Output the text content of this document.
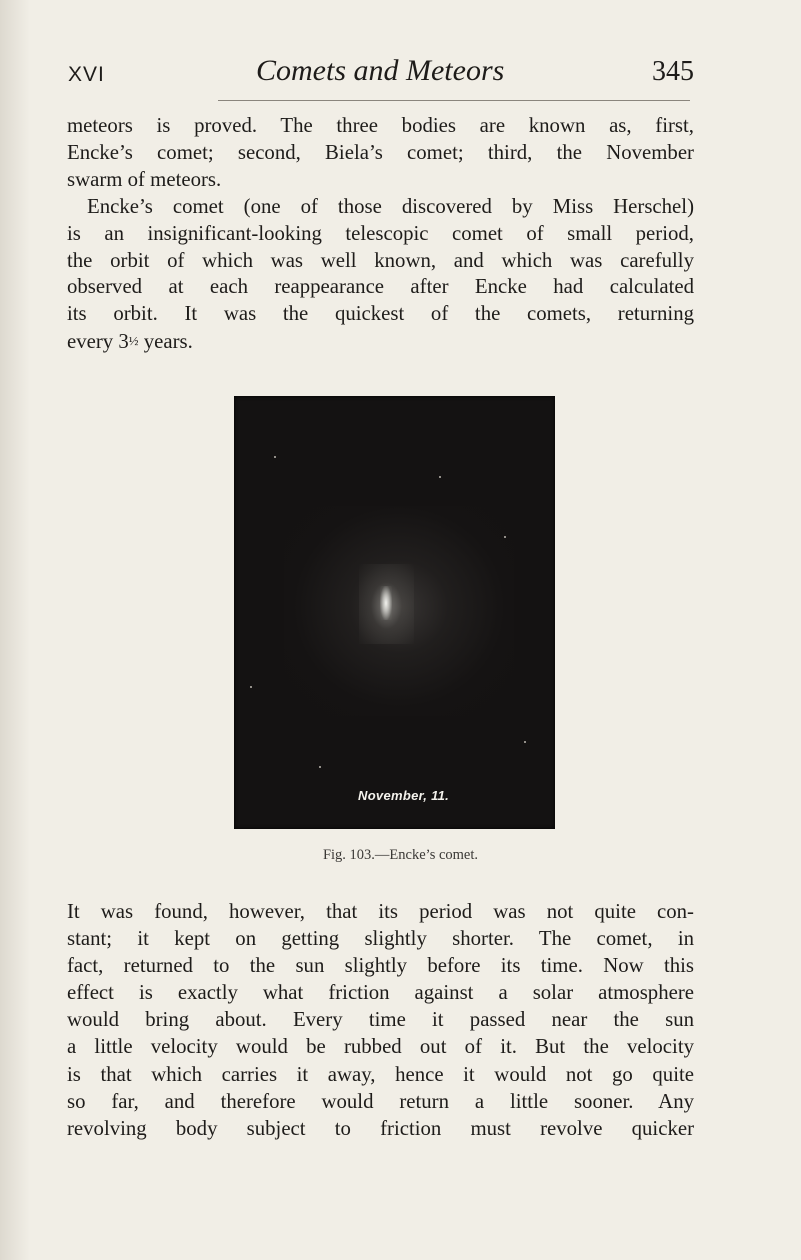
XVI	Comets and Meteors	345
meteors is proved. The three bodies are known as, first,
Encke’s comet; second, Biela’s comet; third, the November
swarm of meteors.
Encke’s comet (one of those discovered by Miss Herschel)
is an insignificant-looking telescopic comet of small period,
the orbit of which was well known, and which was carefully
observed at each reappearance after Encke had calculated
its orbit. It was the quickest of the comets, returning
every 3½ years.
November, 11.
Fig. 103.—Encke’s comet.
It was found, however, that its period was not quite con-
stant; it kept on getting slightly shorter. The comet, in
fact, returned to the sun slightly before its time. Now this
effect is exactly what friction against a solar atmosphere
would bring about. Every time it passed near the sun
a little velocity would be rubbed out of it. But the velocity
is that which carries it away, hence it would not go quite
so far, and therefore would return a little sooner. Any
revolving body subject to friction must revolve quicker
